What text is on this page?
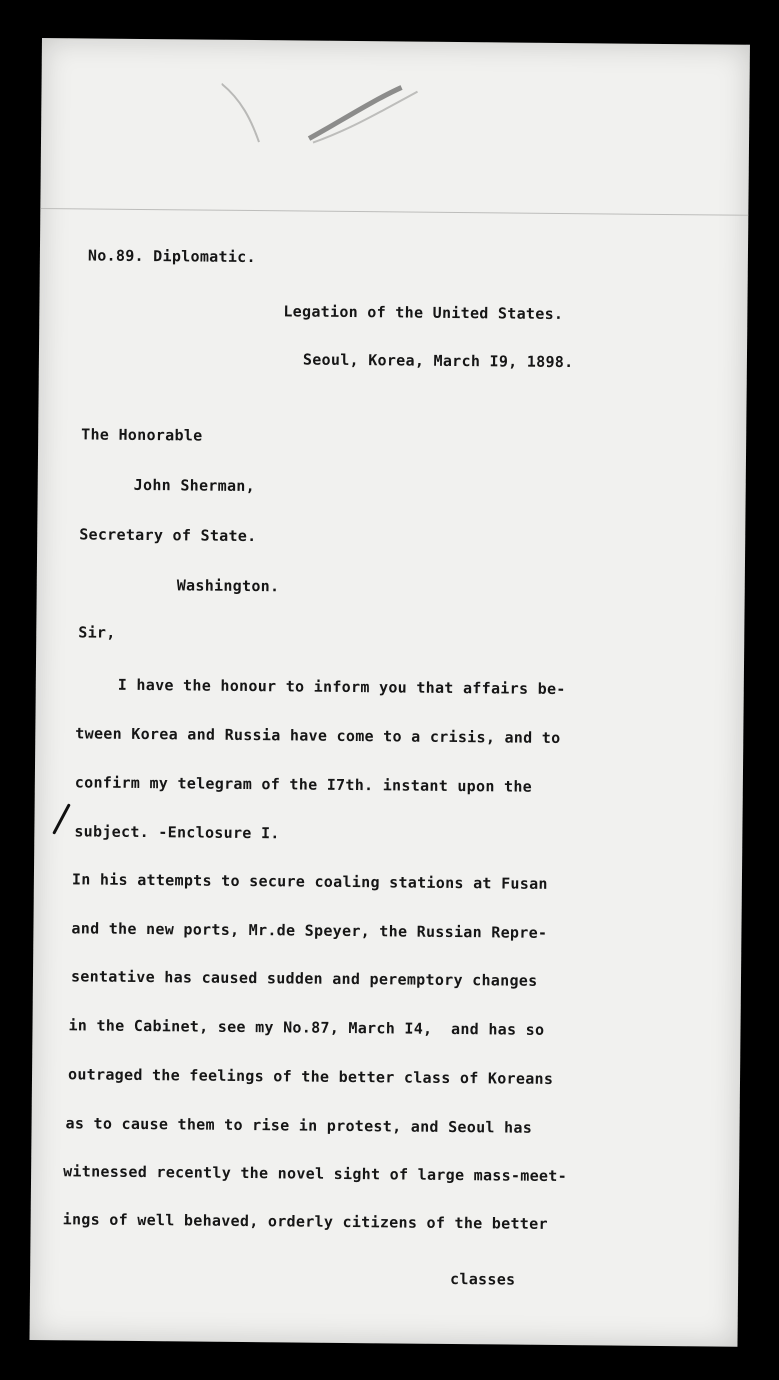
No.89. Diplomatic.
Legation of the United States.
Seoul, Korea, March I9, 1898.
The Honorable
John Sherman,
Secretary of State.
Washington.
Sir,
I have the honour to inform you that affairs be-
tween Korea and Russia have come to a crisis, and to
confirm my telegram of the I7th. instant upon the
subject. -Enclosure I.
In his attempts to secure coaling stations at Fusan
and the new ports, Mr.de Speyer, the Russian Repre-
sentative has caused sudden and peremptory changes
in the Cabinet, see my No.87, March I4,  and has so
outraged the feelings of the better class of Koreans
as to cause them to rise in protest, and Seoul has
witnessed recently the novel sight of large mass-meet-
ings of well behaved, orderly citizens of the better
classes
